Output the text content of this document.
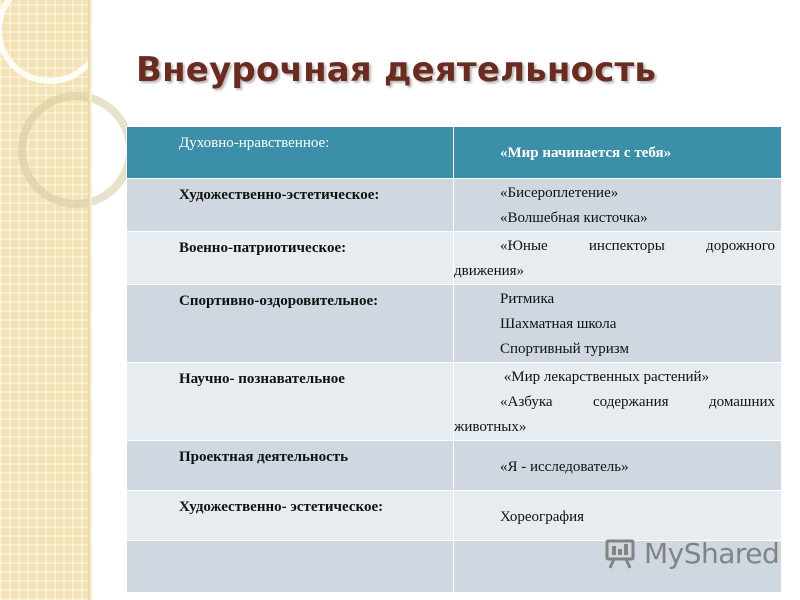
Внеурочная деятельность
Духовно-нравственное:	«Мир начинается с тебя»

Художественно-эстетическое:	«Бисероплетение»
«Волшебная кисточка»

Военно-патриотическое:	«Юные инспекторы дорожного
движения»

Спортивно-оздоровительное:	Ритмика
Шахматная школа
Спортивный туризм

Научно- познавательное	«Мир лекарственных растений»
«Азбука содержания домашних
животных»

Проектная деятельность	«Я - исследователь»

Художественно- эстетическое:	Хореография

MyShared
